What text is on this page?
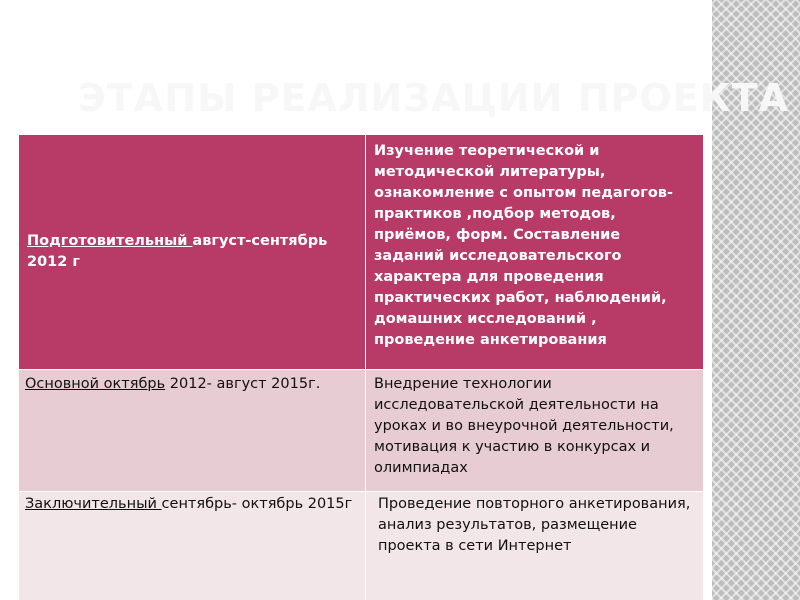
ЭТАПЫ РЕАЛИЗАЦИИ ПРОЕКТА
Подготовительный август-сентябрь 2012 г	Изучение теоретической и методической литературы, ознакомление с опытом педагогов-практиков ,подбор методов, приёмов, форм. Составление заданий исследовательского характера для проведения практических работ, наблюдений, домашних исследований , проведение анкетирования
Основной октябрь 2012- август 2015г.	Внедрение технологии исследовательской деятельности на уроках и во внеурочной деятельности, мотивация к участию в конкурсах и олимпиадах
Заключительный сентябрь- октябрь 2015г	Проведение повторного анкетирования, анализ результатов, размещение проекта в сети Интернет
